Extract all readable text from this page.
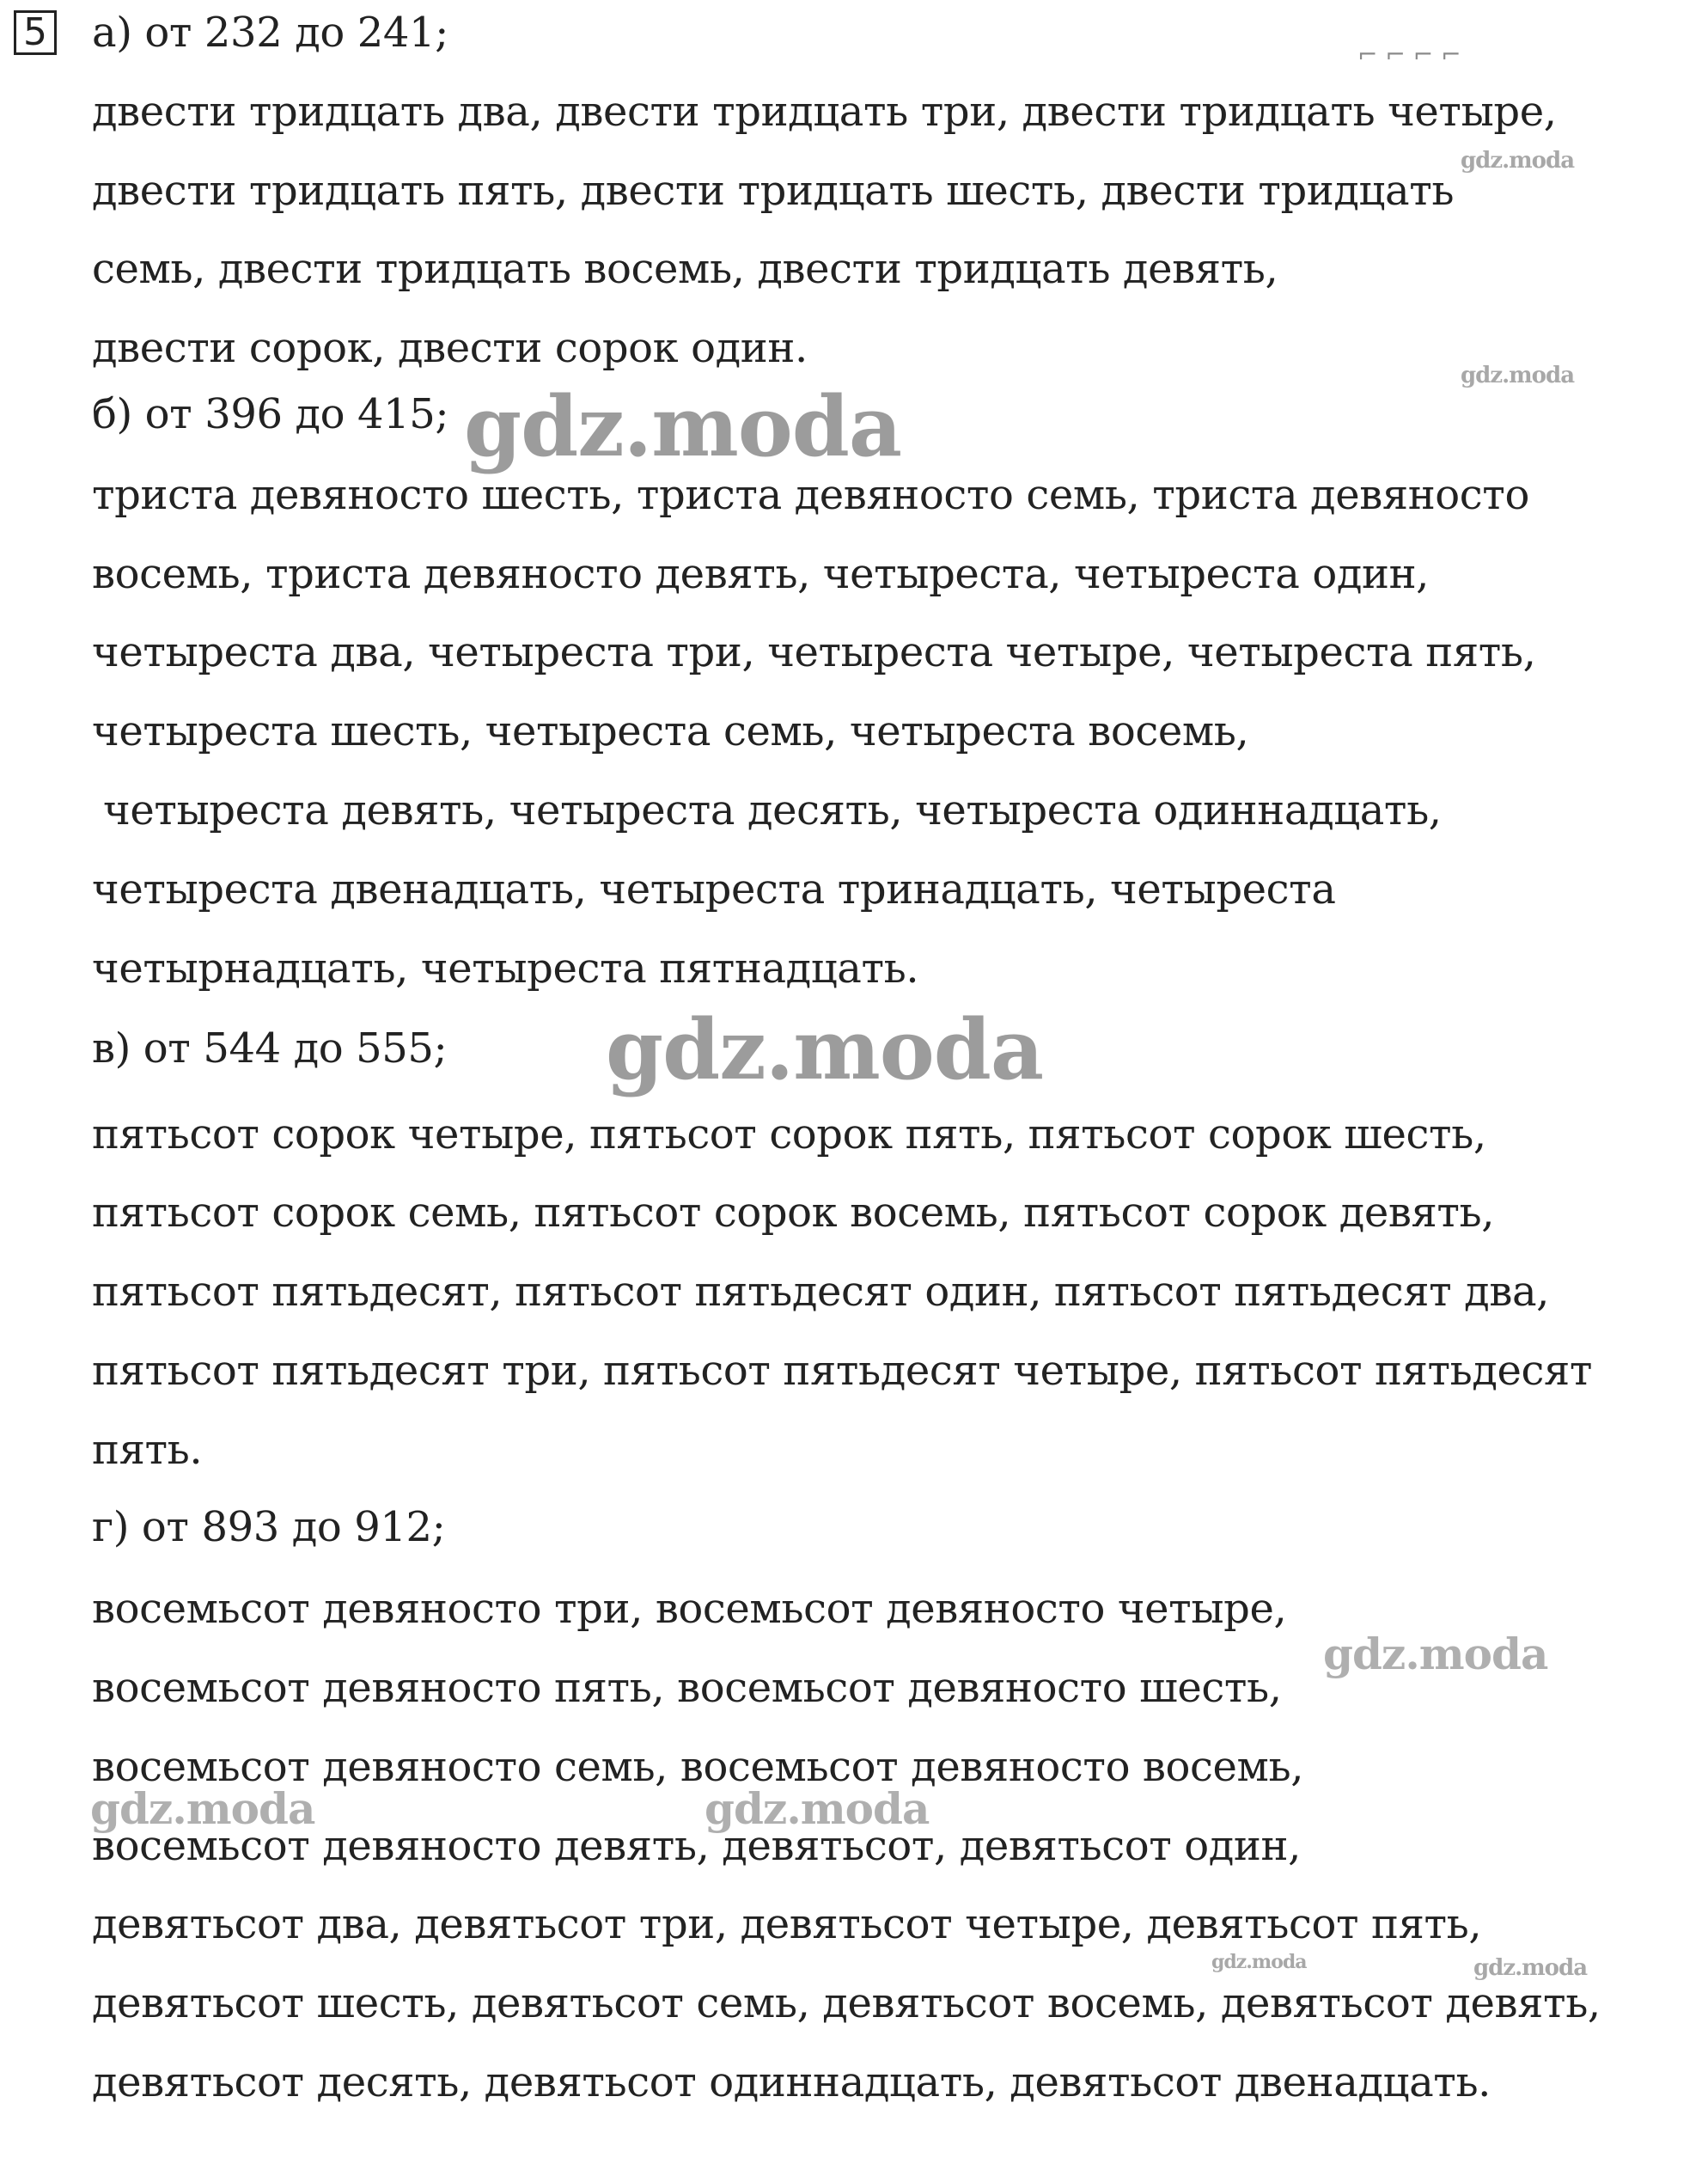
5
⌐ ⌐ ⌐ ⌐
а) от 232 до 241;
двести тридцать два, двести тридцать три, двести тридцать четыре,
двести тридцать пять, двести тридцать шесть, двести тридцать
семь, двести тридцать восемь, двести тридцать девять,
двести сорок, двести сорок один.
б) от 396 до 415;
триста девяносто шесть, триста девяносто семь, триста девяносто
восемь, триста девяносто девять, четыреста, четыреста один,
четыреста два, четыреста три, четыреста четыре, четыреста пять,
четыреста шесть, четыреста семь, четыреста восемь,
четыреста девять, четыреста десять, четыреста одиннадцать,
четыреста двенадцать, четыреста тринадцать, четыреста
четырнадцать, четыреста пятнадцать.
в) от 544 до 555;
пятьсот сорок четыре, пятьсот сорок пять, пятьсот сорок шесть,
пятьсот сорок семь, пятьсот сорок восемь, пятьсот сорок девять,
пятьсот пятьдесят, пятьсот пятьдесят один, пятьсот пятьдесят два,
пятьсот пятьдесят три, пятьсот пятьдесят четыре, пятьсот пятьдесят
пять.
г) от 893 до 912;
восемьсот девяносто три, восемьсот девяносто четыре,
восемьсот девяносто пять, восемьсот девяносто шесть,
восемьсот девяносто семь, восемьсот девяносто восемь,
восемьсот девяносто девять, девятьсот, девятьсот один,
девятьсот два, девятьсот три, девятьсот четыре, девятьсот пять,
девятьсот шесть, девятьсот семь, девятьсот восемь, девятьсот девять,
девятьсот десять, девятьсот одиннадцать, девятьсот двенадцать.
gdz.moda
gdz.moda
gdz.moda
gdz.moda
gdz.moda
gdz.moda	gdz.moda
gdz.moda	gdz.moda
